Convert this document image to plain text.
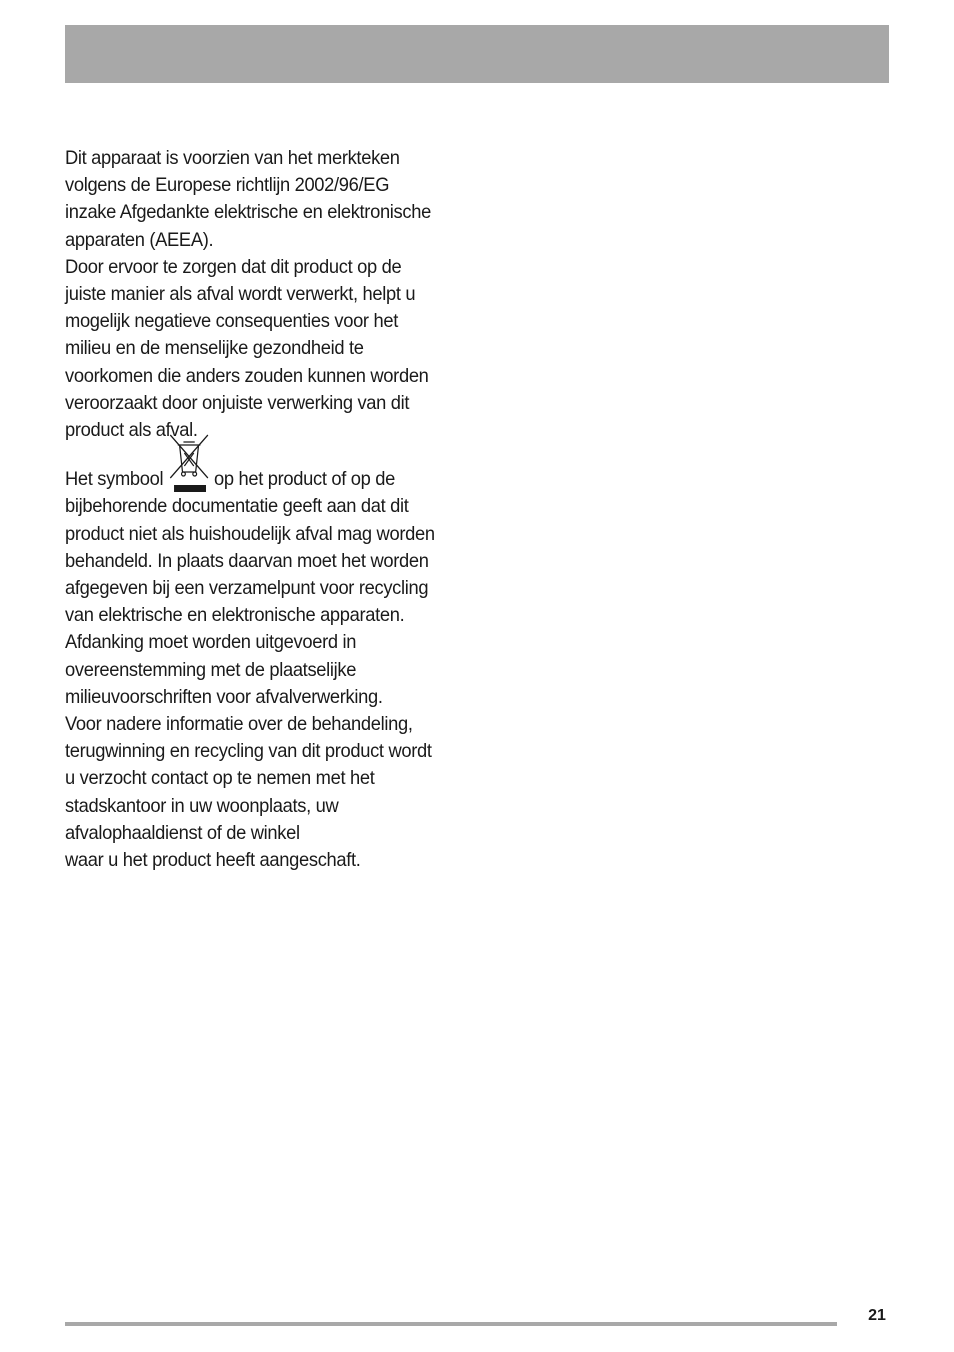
Dit apparaat is voorzien van het merkteken
volgens de Europese richtlijn 2002/96/EG
inzake Afgedankte elektrische en elektronische
apparaten (AEEA).
Door ervoor te zorgen dat dit product op de
juiste manier als afval wordt verwerkt, helpt u
mogelijk negatieve consequenties voor het
milieu en de menselijke gezondheid te
voorkomen die anders zouden kunnen worden
veroorzaakt door onjuiste verwerking van dit
product als afval.

Het symbool	op het product of op de
bijbehorende documentatie geeft aan dat dit
product niet als huishoudelijk afval mag worden
behandeld. In plaats daarvan moet het worden
afgegeven bij een verzamelpunt voor recycling
van elektrische en elektronische apparaten.
Afdanking moet worden uitgevoerd in
overeenstemming met de plaatselijke
milieuvoorschriften voor afvalverwerking.
Voor nadere informatie over de behandeling,
terugwinning en recycling van dit product wordt
u verzocht contact op te nemen met het
stadskantoor in uw woonplaats, uw
afvalophaaldienst of de winkel
waar u het product heeft aangeschaft.

21
